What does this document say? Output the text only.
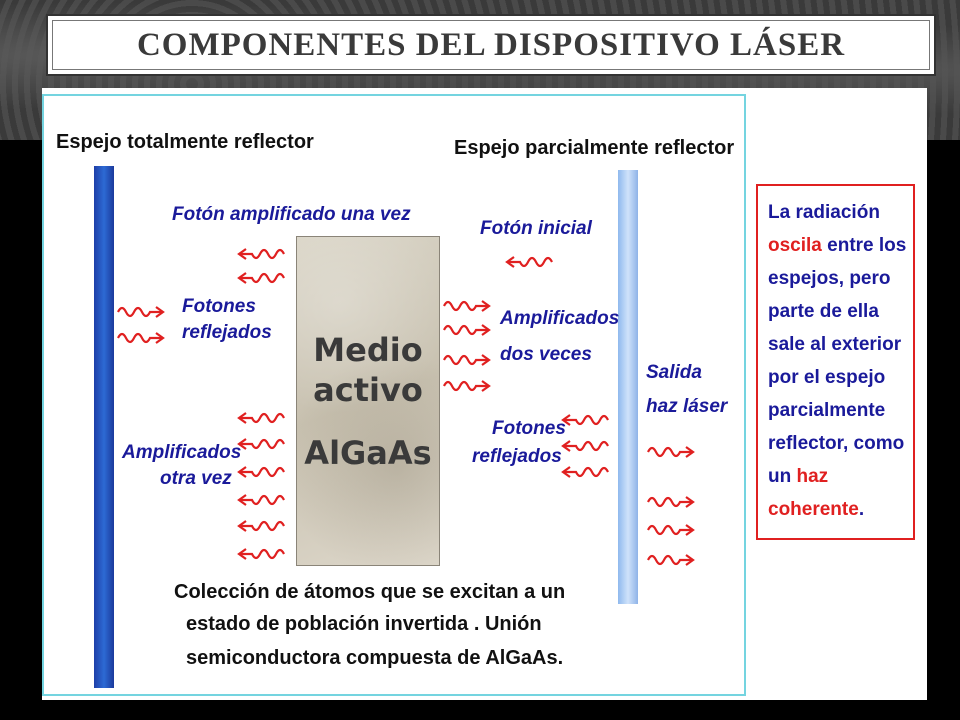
COMPONENTES DEL DISPOSITIVO LÁSER
Espejo totalmente reflector	Espejo parcialmente reflector
Fotón amplificado una vez
Fotón inicial
Fotones
reflejados
Amplificados
dos veces
Amplificados
otra vez
Fotones
reflejados
Salida
haz láser
Medio
activo
AlGaAs
Colección de átomos que se excitan a un
estado de población invertida . Unión
semiconductora compuesta de AlGaAs.
La radiación oscila entre los espejos, pero parte de ella sale al exterior por el espejo parcialmente reflector, como un haz coherente.
